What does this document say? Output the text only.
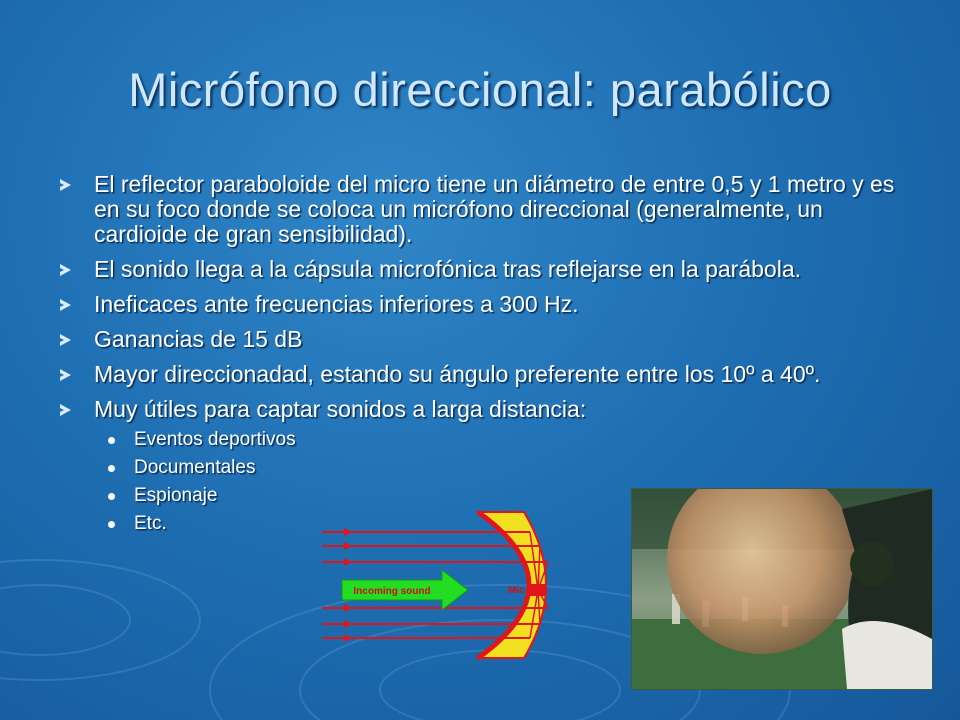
Micrófono direccional: parabólico
El reflector paraboloide del micro tiene un diámetro de entre 0,5 y 1 metro y es en su foco donde se coloca un micrófono direccional (generalmente, un cardioide de gran sensibilidad).
El sonido llega a la cápsula microfónica tras reflejarse en la parábola.
Ineficaces ante frecuencias inferiores a 300 Hz.
Ganancias de 15 dB
Mayor direccionadad, estando su ángulo preferente entre los 10º a 40º.
Muy útiles para captar sonidos a larga distancia:
Eventos deportivos
Documentales
Espionaje
Etc.
Incoming sound	Mic
